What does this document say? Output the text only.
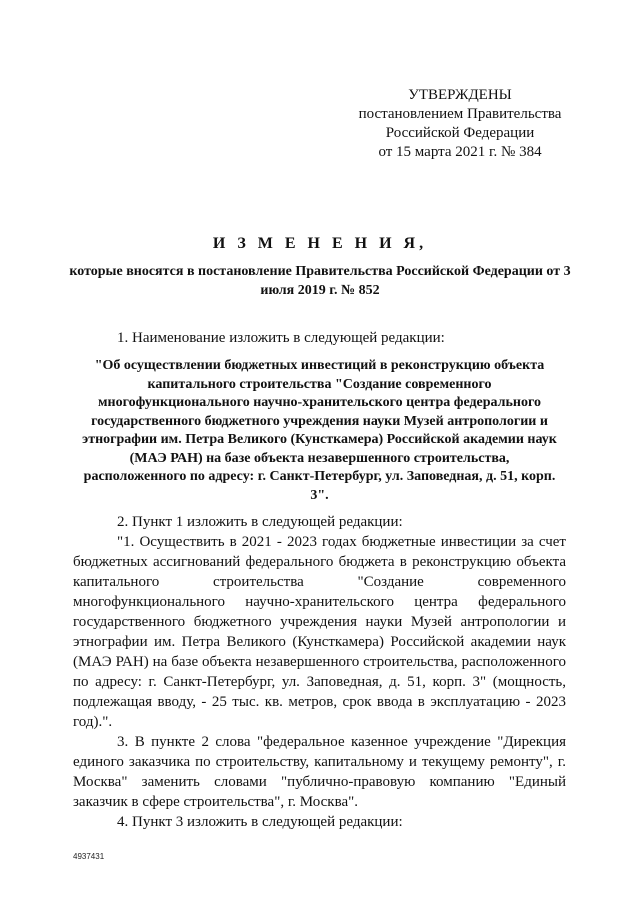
УТВЕРЖДЕНЫ
постановлением Правительства
Российской Федерации
от 15 марта 2021 г. № 384
И З М Е Н Е Н И Я,
которые вносятся в постановление Правительства Российской Федерации от 3 июля 2019 г. № 852

1. Наименование изложить в следующей редакции:

"Об осуществлении бюджетных инвестиций в реконструкцию объекта капитального строительства "Создание современного многофункционального научно-хранительского центра федерального государственного бюджетного учреждения науки Музей антропологии и этнографии им. Петра Великого (Кунсткамера) Российской академии наук (МАЭ РАН) на базе объекта незавершенного строительства, расположенного по адресу: г. Санкт-Петербург, ул. Заповедная, д. 51, корп. 3".

2. Пункт 1 изложить в следующей редакции:

"1. Осуществить в 2021 - 2023 годах бюджетные инвестиции за счет бюджетных ассигнований федерального бюджета в реконструкцию объекта капитального строительства "Создание современного многофункционального научно-хранительского центра федерального государственного бюджетного учреждения науки Музей антропологии и этнографии им. Петра Великого (Кунсткамера) Российской академии наук (МАЭ РАН) на базе объекта незавершенного строительства, расположенного по адресу: г. Санкт-Петербург, ул. Заповедная, д. 51, корп. 3" (мощность, подлежащая вводу, - 25 тыс. кв. метров, срок ввода в эксплуатацию - 2023 год).".

3. В пункте 2 слова "федеральное казенное учреждение "Дирекция единого заказчика по строительству, капитальному и текущему ремонту", г. Москва" заменить словами "публично-правовую компанию "Единый заказчик в сфере строительства", г. Москва".

4. Пункт 3 изложить в следующей редакции:

4937431
